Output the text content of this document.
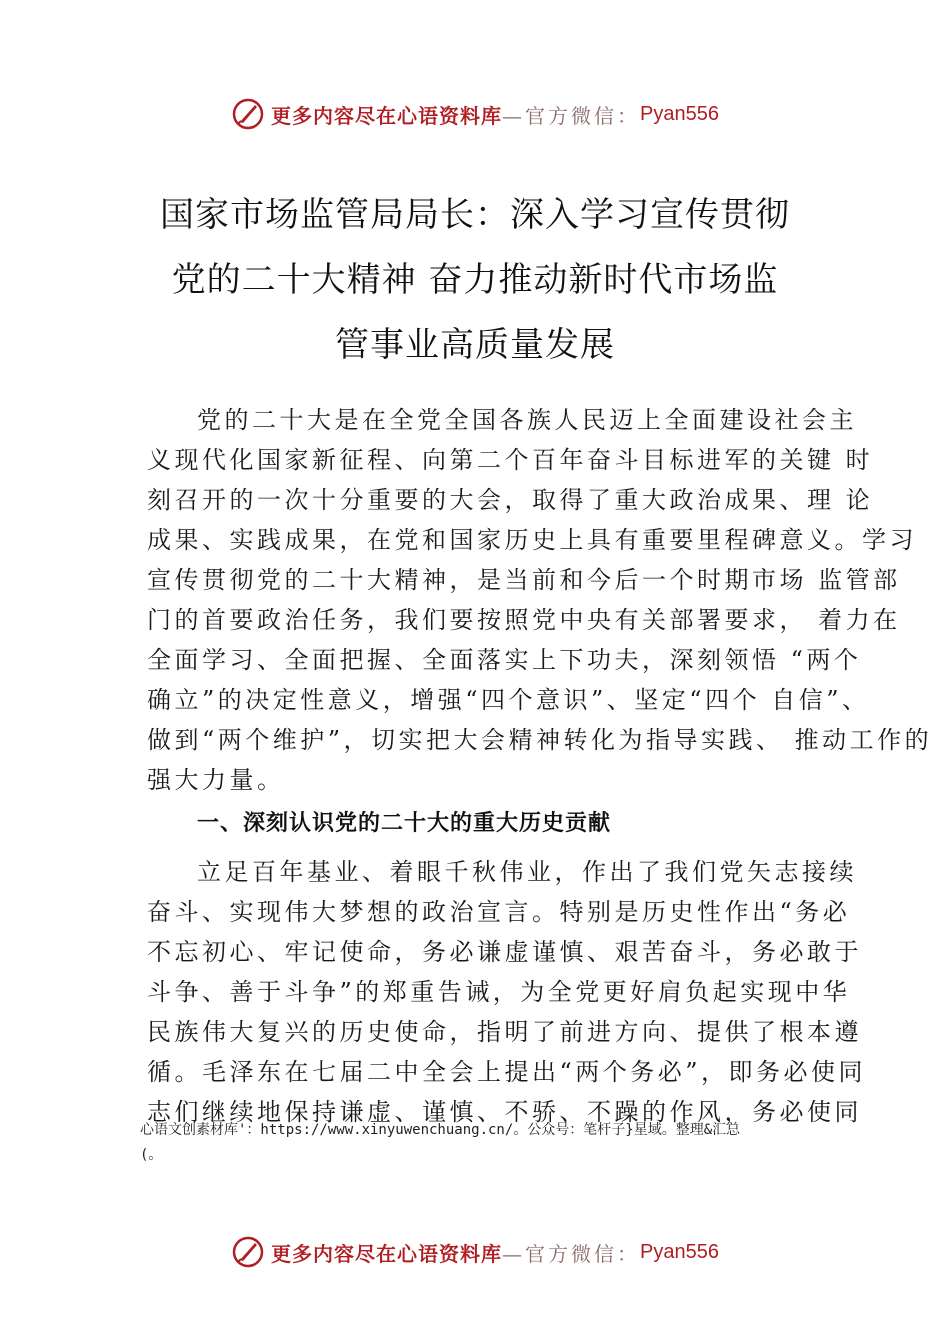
更多内容尽在心语资料库 —官方微信： Pyan556
国家市场监管局局长：深入学习宣传贯彻
党的二十大精神 奋力推动新时代市场监
管事业高质量发展
党的二十大是在全党全国各族人民迈上全面建设社会主
义现代化国家新征程、向第二个百年奋斗目标进军的关键 时
刻召开的一次十分重要的大会，取得了重大政治成果、理 论
成果、实践成果，在党和国家历史上具有重要里程碑意义。学习
宣传贯彻党的二十大精神，是当前和今后一个时期市场 监管部
门的首要政治任务，我们要按照党中央有关部署要求， 着力在
全面学习、全面把握、全面落实上下功夫，深刻领悟 “两个
确立”的决定性意义，增强“四个意识”、坚定“四个 自信”、
做到“两个维护”，切实把大会精神转化为指导实践、 推动工作的
强大力量。
一、深刻认识党的二十大的重大历史贡献
立足百年基业、着眼千秋伟业，作出了我们党矢志接续
奋斗、实现伟大梦想的政治宣言。特别是历史性作出“务必
不忘初心、牢记使命，务必谦虚谨慎、艰苦奋斗，务必敢于
斗争、善于斗争”的郑重告诫，为全党更好肩负起实现中华
民族伟大复兴的历史使命，指明了前进方向、提供了根本遵
循。毛泽东在七届二中全会上提出“两个务必”，即务必使同
志们继续地保持谦虚、谨慎、不骄、不躁的作风，务必使同
心语文创素材库'：https://www.xinyuwenchuang.cn/。公众号：笔杆子}星域。整理&汇总
(。
更多内容尽在心语资料库 —官方微信： Pyan556
